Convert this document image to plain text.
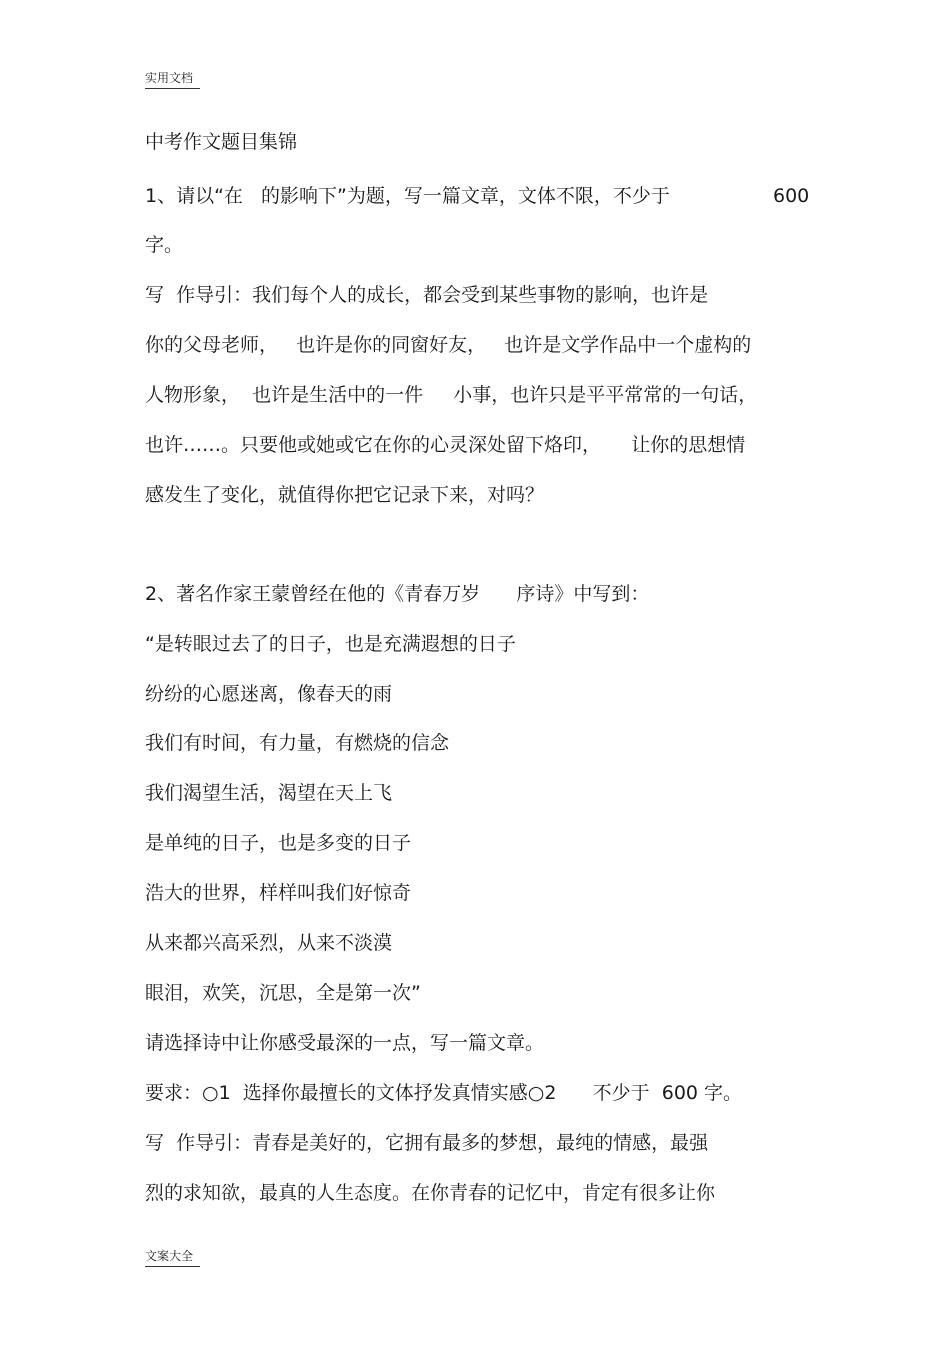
实用文档
中考作文题目集锦
1、请以“在   的影响下”为题，写一篇文章，文体不限，不少于	600
字。
写  作导引：我们每个人的成长，都会受到某些事物的影响，也许是
你的父母老师，   也许是你的同窗好友，   也许是文学作品中一个虚构的
人物形象，  也许是生活中的一件     小事，也许只是平平常常的一句话，
也许……。只要他或她或它在你的心灵深处留下烙印，     让你的思想情
感发生了变化，就值得你把它记录下来，对吗？
2、著名作家王蒙曾经在他的《青春万岁      序诗》中写到：
“是转眼过去了的日子，也是充满遐想的日子
纷纷的心愿迷离，像春天的雨
我们有时间，有力量，有燃烧的信念
我们渴望生活，渴望在天上飞
是单纯的日子，也是多变的日子
浩大的世界，样样叫我们好惊奇
从来都兴高采烈，从来不淡漠
眼泪，欢笑，沉思，全是第一次”
请选择诗中让你感受最深的一点，写一篇文章。
要求：○1  选择你最擅长的文体抒发真情实感○2      不少于  600 字。
写  作导引：青春是美好的，它拥有最多的梦想，最纯的情感，最强
烈的求知欲，最真的人生态度。在你青春的记忆中，肯定有很多让你
文案大全
